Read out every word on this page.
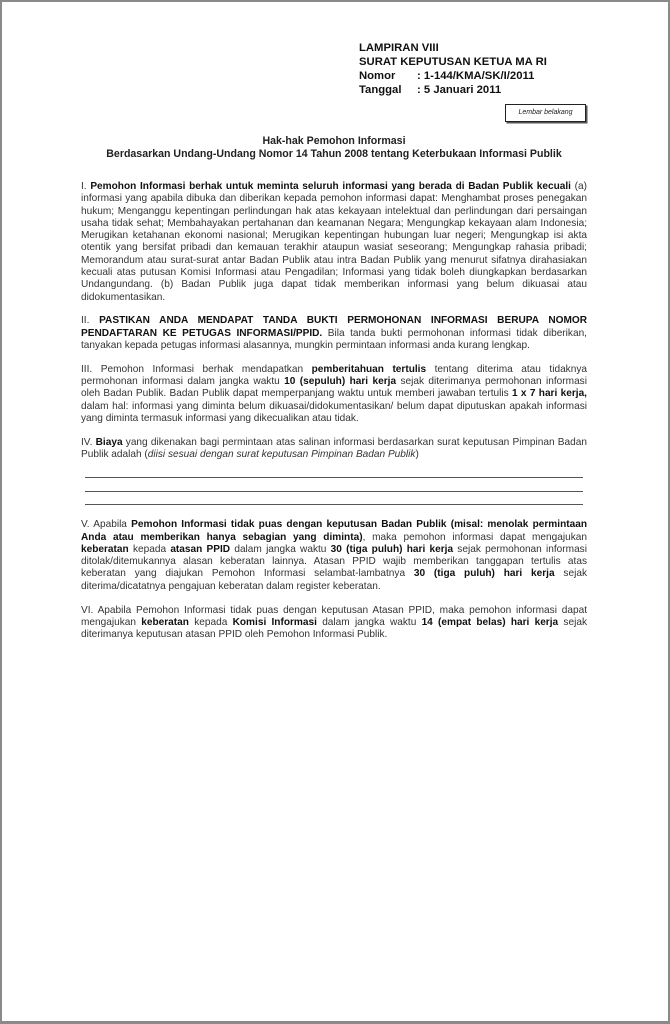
LAMPIRAN VIII
SURAT KEPUTUSAN KETUA MA RI
Nomor : 1-144/KMA/SK/I/2011
Tanggal : 5 Januari 2011
Lembar belakang
Hak-hak Pemohon Informasi
Berdasarkan Undang-Undang Nomor 14 Tahun 2008 tentang Keterbukaan Informasi Publik

I. Pemohon Informasi berhak untuk meminta seluruh informasi yang berada di Badan Publik kecuali (a) informasi yang apabila dibuka dan diberikan kepada pemohon informasi dapat: Menghambat proses penegakan hukum; Menganggu kepentingan perlindungan hak atas kekayaan intelektual dan perlindungan dari persaingan usaha tidak sehat; Membahayakan pertahanan dan keamanan Negara; Mengungkap kekayaan alam Indonesia; Merugikan ketahanan ekonomi nasional; Merugikan kepentingan hubungan luar negeri; Mengungkap isi akta otentik yang bersifat pribadi dan kemauan terakhir ataupun wasiat seseorang; Mengungkap rahasia pribadi; Memorandum atau surat-surat antar Badan Publik atau intra Badan Publik yang menurut sifatnya dirahasiakan kecuali atas putusan Komisi Informasi atau Pengadilan; Informasi yang tidak boleh diungkapkan berdasarkan Undangundang. (b) Badan Publik juga dapat tidak memberikan informasi yang belum dikuasai atau didokumentasikan.

II. PASTIKAN ANDA MENDAPAT TANDA BUKTI PERMOHONAN INFORMASI BERUPA NOMOR PENDAFTARAN KE PETUGAS INFORMASI/PPID. Bila tanda bukti permohonan informasi tidak diberikan, tanyakan kepada petugas informasi alasannya, mungkin permintaan informasi anda kurang lengkap.

III. Pemohon Informasi berhak mendapatkan pemberitahuan tertulis tentang diterima atau tidaknya permohonan informasi dalam jangka waktu 10 (sepuluh) hari kerja sejak diterimanya permohonan informasi oleh Badan Publik. Badan Publik dapat memperpanjang waktu untuk memberi jawaban tertulis 1 x 7 hari kerja, dalam hal: informasi yang diminta belum dikuasai/didokumentasikan/ belum dapat diputuskan apakah informasi yang diminta termasuk informasi yang dikecualikan atau tidak.

IV. Biaya yang dikenakan bagi permintaan atas salinan informasi berdasarkan surat keputusan Pimpinan Badan Publik adalah (diisi sesuai dengan surat keputusan Pimpinan Badan Publik)

V. Apabila Pemohon Informasi tidak puas dengan keputusan Badan Publik (misal: menolak permintaan Anda atau memberikan hanya sebagian yang diminta), maka pemohon informasi dapat mengajukan keberatan kepada atasan PPID dalam jangka waktu 30 (tiga puluh) hari kerja sejak permohonan informasi ditolak/ditemukannya alasan keberatan lainnya. Atasan PPID wajib memberikan tanggapan tertulis atas keberatan yang diajukan Pemohon Informasi selambat-lambatnya 30 (tiga puluh) hari kerja sejak diterima/dicatatnya pengajuan keberatan dalam register keberatan.

VI. Apabila Pemohon Informasi tidak puas dengan keputusan Atasan PPID, maka pemohon informasi dapat mengajukan keberatan kepada Komisi Informasi dalam jangka waktu 14 (empat belas) hari kerja sejak diterimanya keputusan atasan PPID oleh Pemohon Informasi Publik.
